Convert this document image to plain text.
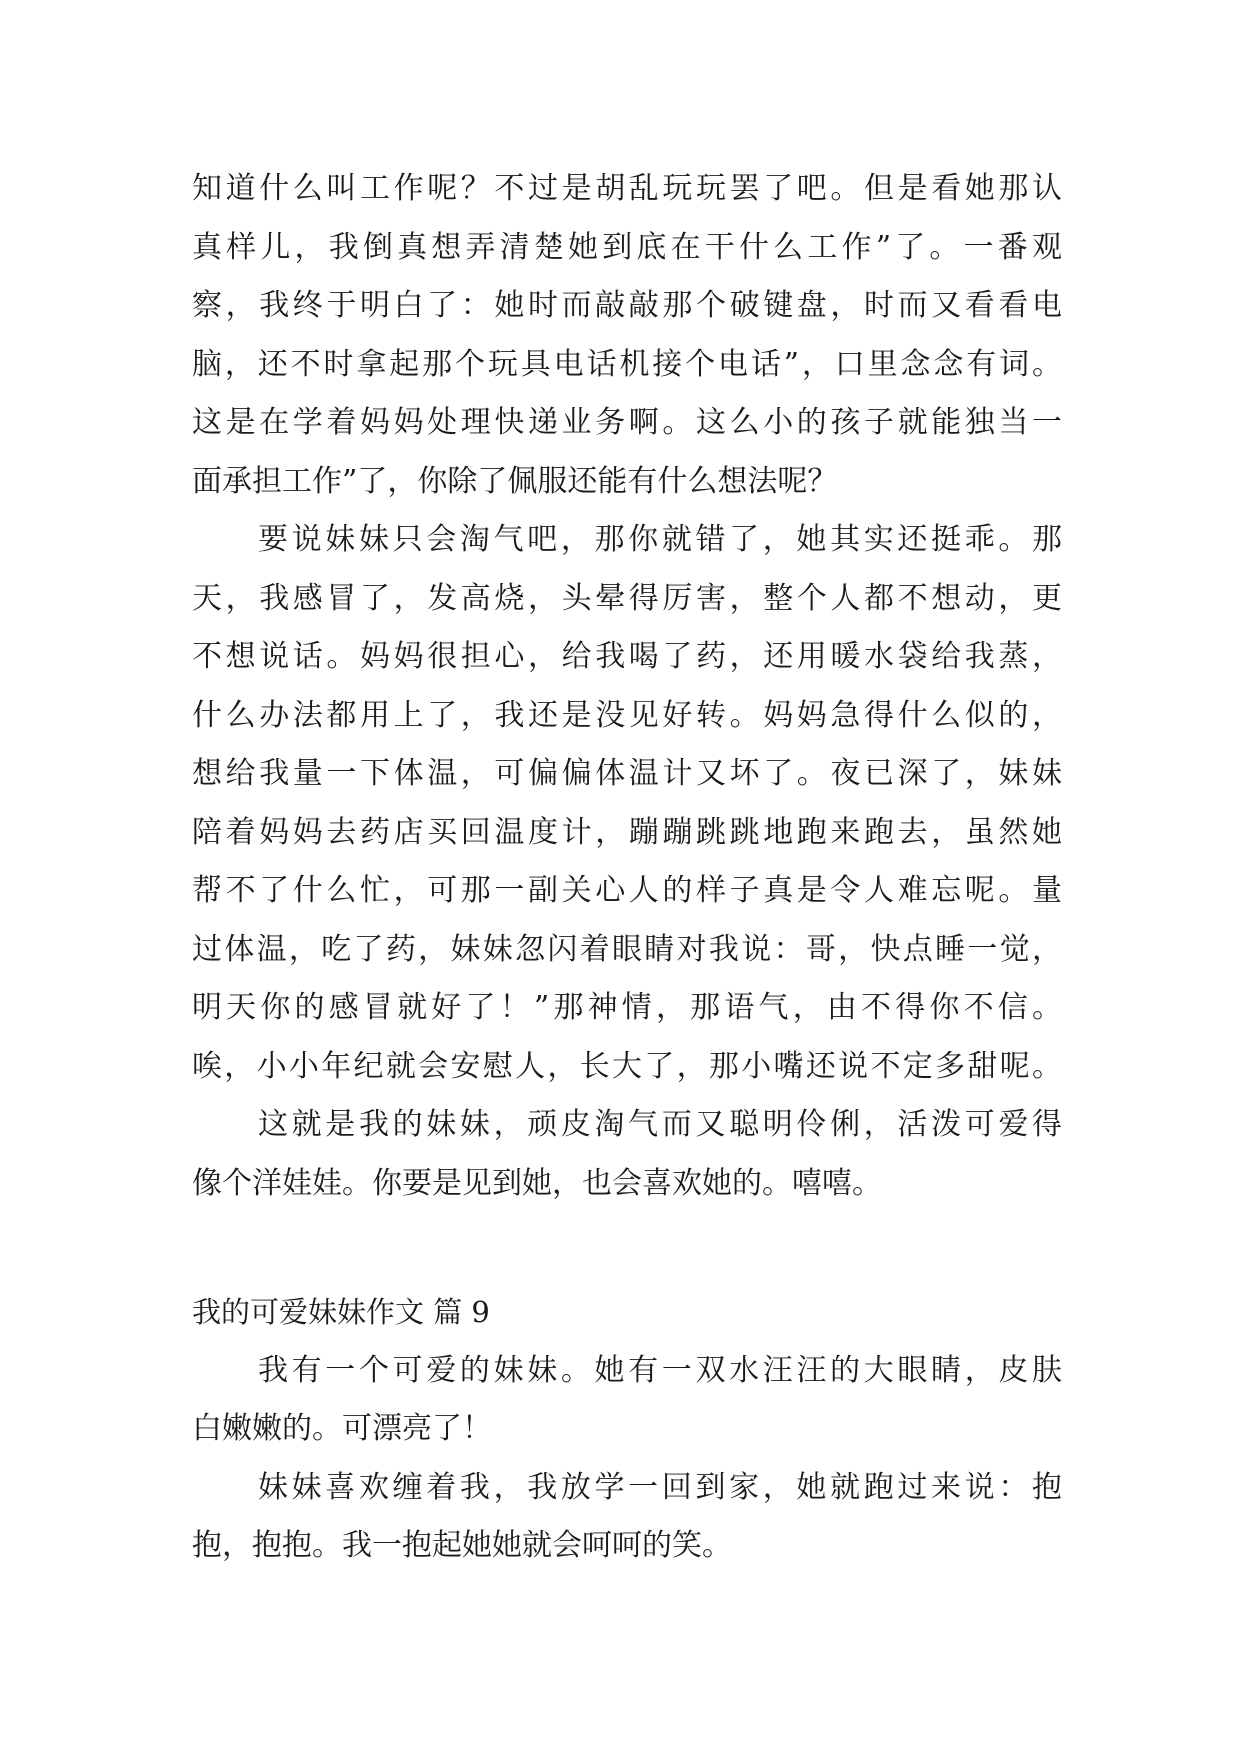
知道什么叫工作呢？不过是胡乱玩玩罢了吧。但是看她那认
真样儿，我倒真想弄清楚她到底在干什么工作”了。一番观
察，我终于明白了：她时而敲敲那个破键盘，时而又看看电
脑，还不时拿起那个玩具电话机接个电话”，口里念念有词。
这是在学着妈妈处理快递业务啊。这么小的孩子就能独当一
面承担工作”了，你除了佩服还能有什么想法呢？
要说妹妹只会淘气吧，那你就错了，她其实还挺乖。那
天，我感冒了，发高烧，头晕得厉害，整个人都不想动，更
不想说话。妈妈很担心，给我喝了药，还用暖水袋给我蒸，
什么办法都用上了，我还是没见好转。妈妈急得什么似的，
想给我量一下体温，可偏偏体温计又坏了。夜已深了，妹妹
陪着妈妈去药店买回温度计，蹦蹦跳跳地跑来跑去，虽然她
帮不了什么忙，可那一副关心人的样子真是令人难忘呢。量
过体温，吃了药，妹妹忽闪着眼睛对我说：哥，快点睡一觉，
明天你的感冒就好了！”那神情，那语气，由不得你不信。
唉，小小年纪就会安慰人，长大了，那小嘴还说不定多甜呢。
这就是我的妹妹，顽皮淘气而又聪明伶俐，活泼可爱得
像个洋娃娃。你要是见到她，也会喜欢她的。嘻嘻。
我的可爱妹妹作文 篇 9
我有一个可爱的妹妹。她有一双水汪汪的大眼睛，皮肤
白嫩嫩的。可漂亮了！
妹妹喜欢缠着我，我放学一回到家，她就跑过来说：抱
抱，抱抱。我一抱起她她就会呵呵的笑。
